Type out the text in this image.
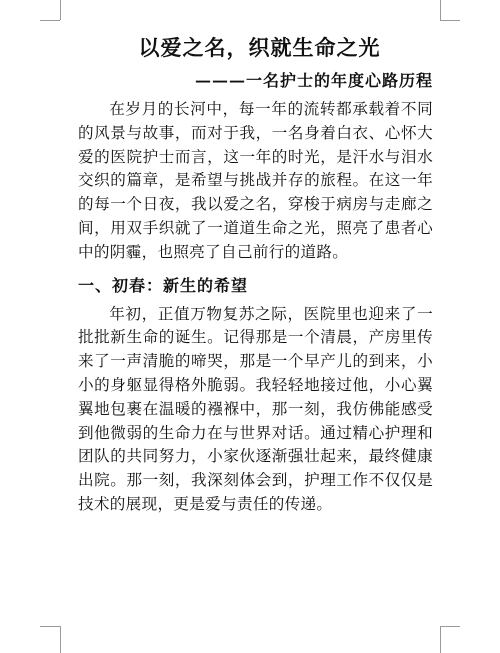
以爱之名，织就生命之光
———一名护士的年度心路历程

在岁月的长河中，每一年的流转都承载着不同的风景与故事，而对于我，一名身着白衣、心怀大爱的医院护士而言，这一年的时光，是汗水与泪水交织的篇章，是希望与挑战并存的旅程。在这一年的每一个日夜，我以爱之名，穿梭于病房与走廊之间，用双手织就了一道道生命之光，照亮了患者心中的阴霾，也照亮了自己前行的道路。

一、初春：新生的希望

年初，正值万物复苏之际，医院里也迎来了一批批新生命的诞生。记得那是一个清晨，产房里传来了一声清脆的啼哭，那是一个早产儿的到来，小小的身躯显得格外脆弱。我轻轻地接过他，小心翼翼地包裹在温暖的襁褓中，那一刻，我仿佛能感受到他微弱的生命力在与世界对话。通过精心护理和团队的共同努力，小家伙逐渐强壮起来，最终健康出院。那一刻，我深刻体会到，护理工作不仅仅是技术的展现，更是爱与责任的传递。
